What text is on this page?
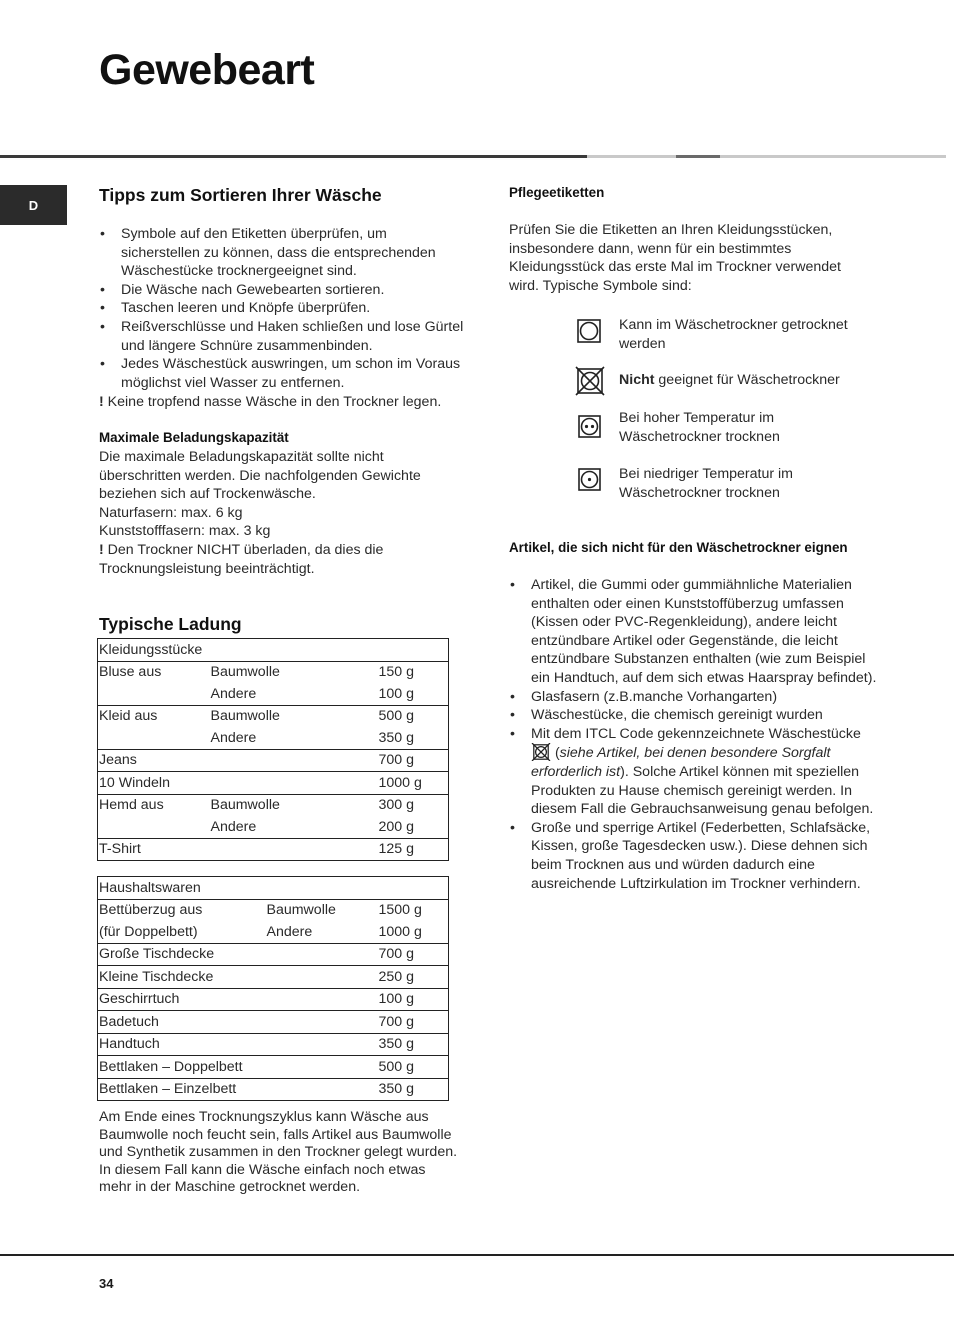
Gewebeart
D	Tipps zum Sortieren Ihrer Wäsche
• Symbole auf den Etiketten überprüfen, um sicherstellen zu können, dass die entsprechenden Wäschestücke trocknergeeignet sind.
• Die Wäsche nach Gewebearten sortieren.
• Taschen leeren und Knöpfe überprüfen.
• Reißverschlüsse und Haken schließen und lose Gürtel und längere Schnüre zusammenbinden.
• Jedes Wäschestück auswringen, um schon im Voraus möglichst viel Wasser zu entfernen.
! Keine tropfend nasse Wäsche in den Trockner legen.
Maximale Beladungskapazität
Die maximale Beladungskapazität sollte nicht überschritten werden. Die nachfolgenden Gewichte beziehen sich auf Trockenwäsche.
Naturfasern: max. 6 kg
Kunststofffasern: max. 3 kg
! Den Trockner NICHT überladen, da dies die Trocknungsleistung beeinträchtigt.
Typische Ladung
Kleidungsstücke		
Bluse aus	Baumwolle	150 g
	Andere	100 g
Kleid aus	Baumwolle	500 g
	Andere	350 g
Jeans		700 g
10 Windeln		1000 g
Hemd aus	Baumwolle	300 g
	Andere	200 g
T-Shirt		125 g
Haushaltswaren		
Bettüberzug aus	Baumwolle	1500 g
(für Doppelbett)	Andere	1000 g
Große Tischdecke		700 g
Kleine Tischdecke		250 g
Geschirrtuch		100 g
Badetuch		700 g
Handtuch		350 g
Bettlaken – Doppelbett		500 g
Bettlaken – Einzelbett		350 g
Am Ende eines Trocknungszyklus kann Wäsche aus Baumwolle noch feucht sein, falls Artikel aus Baumwolle und Synthetik zusammen in den Trockner gelegt wurden. In diesem Fall kann die Wäsche einfach noch etwas mehr in der Maschine getrocknet werden.
Pflegeetiketten
Prüfen Sie die Etiketten an Ihren Kleidungsstücken, insbesondere dann, wenn für ein bestimmtes Kleidungsstück das erste Mal im Trockner verwendet wird. Typische Symbole sind:
Kann im Wäschetrockner getrocknet werden
Nicht geeignet für Wäschetrockner
Bei hoher Temperatur im Wäschetrockner trocknen
Bei niedriger Temperatur im Wäschetrockner trocknen
Artikel, die sich nicht für den Wäschetrockner eignen
• Artikel, die Gummi oder gummiähnliche Materialien enthalten oder einen Kunststoffüberzug umfassen (Kissen oder PVC-Regenkleidung), andere leicht entzündbare Artikel oder Gegenstände, die leicht entzündbare Substanzen enthalten (wie zum Beispiel ein Handtuch, auf dem sich etwas Haarspray befindet).
• Glasfasern (z.B.manche Vorhangarten)
• Wäschestücke, die chemisch gereinigt wurden
• Mit dem ITCL Code gekennzeichnete Wäschestücke  (siehe Artikel, bei denen besondere Sorgfalt erforderlich ist). Solche Artikel können mit speziellen Produkten zu Hause chemisch gereinigt werden. In diesem Fall die Gebrauchsanweisung genau befolgen.
• Große und sperrige Artikel (Federbetten, Schlafsäcke, Kissen, große Tagesdecken usw.). Diese dehnen sich beim Trocknen aus und würden dadurch eine ausreichende Luftzirkulation im Trockner verhindern.
34
